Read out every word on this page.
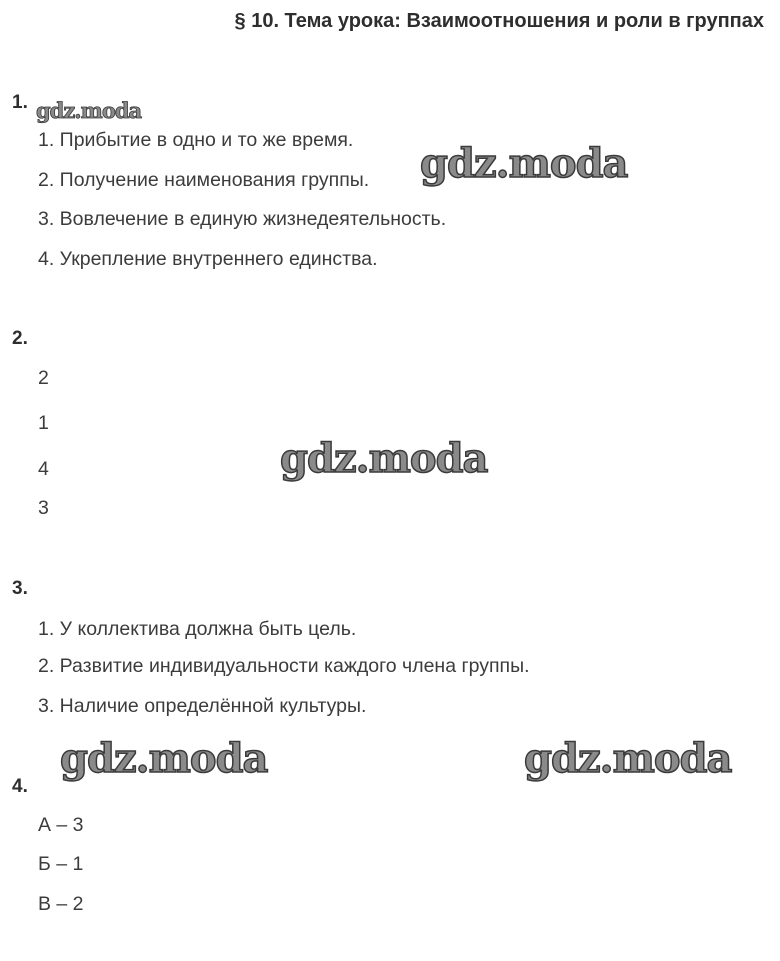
§ 10. Тема урока: Взаимоотношения и роли в группах
1.
1. Прибытие в одно и то же время.
2. Получение наименования группы.
3. Вовлечение в единую жизнедеятельность.
4. Укрепление внутреннего единства.
2.
2
1
4
3
3.
1. У коллектива должна быть цель.
2. Развитие индивидуальности каждого члена группы.
3. Наличие определённой культуры.
4.
А – 3
Б – 1
В – 2
gdz.moda
gdz.moda
gdz.moda
gdz.moda	gdz.moda
